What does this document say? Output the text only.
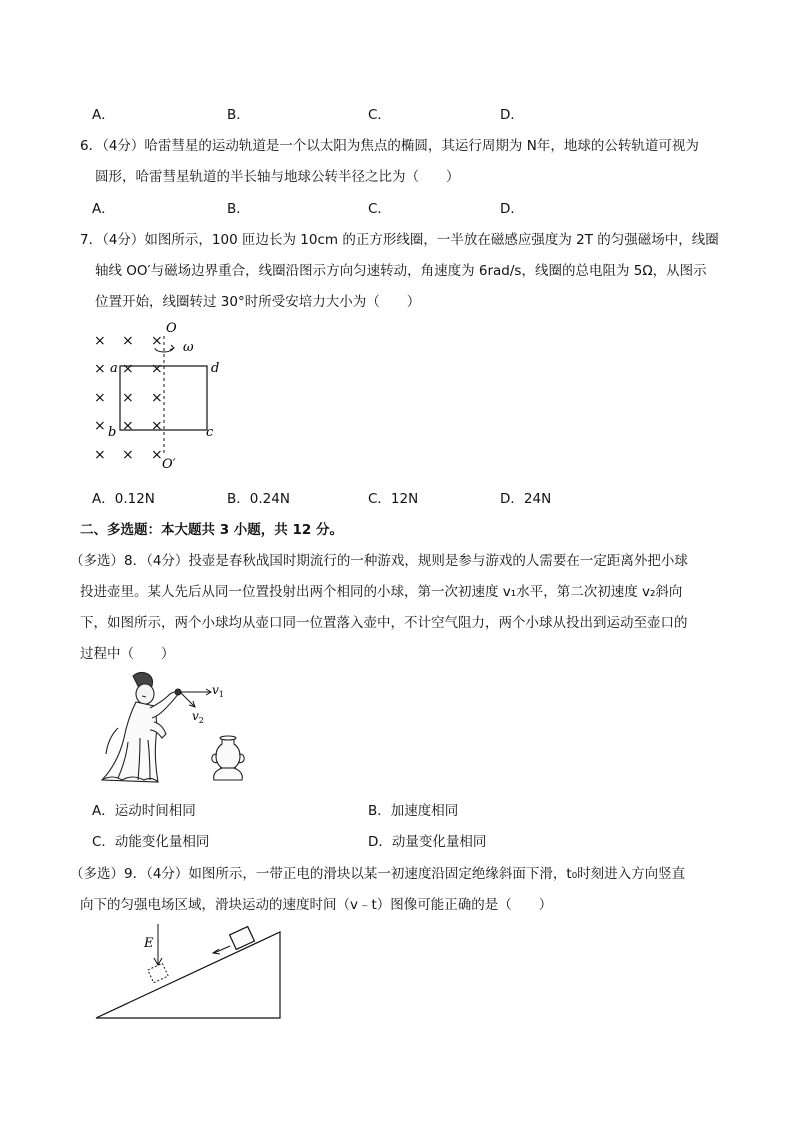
A．	B．	C．	D．
6．（4分）哈雷彗星的运动轨道是一个以太阳为焦点的椭圆，其运行周期为 N年，地球的公转轨道可视为
圆形，哈雷彗星轨道的半长轴与地球公转半径之比为（　　）
A．	B．	C．	D．
7．（4分）如图所示，100 匝边长为 10cm 的正方形线圈，一半放在磁感应强度为 2T 的匀强磁场中，线圈
轴线 OO′与磁场边界重合，线圈沿图示方向匀速转动，角速度为 6rad/s，线圈的总电阻为 5Ω，从图示
位置开始，线圈转过 30°时所受安培力大小为（　　）
× × ×
× × ×
× × ×
× × ×
× × ×
O
ω
a	d
b	c
O′
A．0.12N	B．0.24N	C．12N	D．24N
二、多选题：本大题共 3 小题，共 12 分。
（多选）8．（4分）投壶是春秋战国时期流行的一种游戏，规则是参与游戏的人需要在一定距离外把小球
投进壶里。某人先后从同一位置投射出两个相同的小球，第一次初速度 v₁水平，第二次初速度 v₂斜向
下，如图所示，两个小球均从壶口同一位置落入壶中，不计空气阻力，两个小球从投出到运动至壶口的
过程中（　　）
$v_1$
$v_2$
A．运动时间相同	B．加速度相同
C．动能变化量相同	D．动量变化量相同
（多选）9．（4分）如图所示，一带正电的滑块以某一初速度沿固定绝缘斜面下滑，t₀时刻进入方向竖直
向下的匀强电场区域，滑块运动的速度时间（v﹣t）图像可能正确的是（　　）
E
